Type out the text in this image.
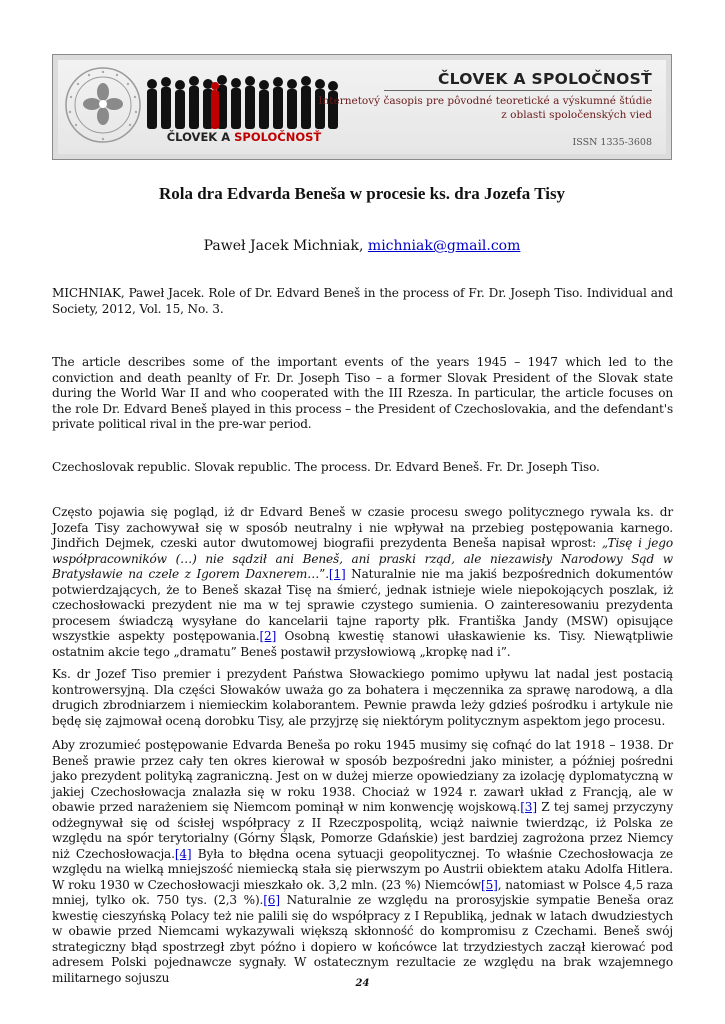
ČLOVEK A SPOLOČNOSŤ
ČLOVEK A SPOLOČNOSŤ
Internetový časopis pre pôvodné teoretické a výskumné štúdie
z oblasti spoločenských vied
ISSN 1335-3608
Rola dra Edvarda Beneša w procesie ks. dra Jozefa Tisy

Paweł Jacek Michniak, michniak@gmail.com

MICHNIAK, Paweł Jacek. Role of Dr. Edvard Beneš in the process of Fr. Dr. Joseph Tiso. Individual and Society, 2012, Vol. 15, No. 3.

The article describes some of the important events of the years 1945 – 1947 which led to the conviction and death peanlty of Fr. Dr. Joseph Tiso – a former Slovak President of the Slovak state during the World War II and who cooperated with the III Rzesza. In particular, the article focuses on the role Dr. Edvard Beneš played in this process – the President of Czechoslovakia, and the defendant's private political rival in the pre-war period.

Czechoslovak republic. Slovak republic. The process. Dr. Edvard Beneš. Fr. Dr. Joseph Tiso.

Często pojawia się pogląd, iż dr Edvard Beneš w czasie procesu swego politycznego rywala ks. dr Jozefa Tisy zachowywał się w sposób neutralny i nie wpływał na przebieg postępowania karnego. Jindřich Dejmek, czeski autor dwutomowej biografii prezydenta Beneša napisał wprost: „Tisę i jego współpracowników (…) nie sądził ani Beneš, ani praski rząd, ale niezawisły Narodowy Sąd w Bratysławie na czele z Igorem Daxnerem…”.[1] Naturalnie nie ma jakiś bezpośrednich dokumentów potwierdzających, że to Beneš skazał Tisę na śmierć, jednak istnieje wiele niepokojących poszlak, iż czechosłowacki prezydent nie ma w tej sprawie czystego sumienia. O zainteresowaniu prezydenta procesem świadczą wysyłane do kancelarii tajne raporty płk. Františka Jandy (MSW) opisujące wszystkie aspekty postępowania.[2] Osobną kwestię stanowi ułaskawienie ks. Tisy. Niewątpliwie ostatnim akcie tego „dramatu” Beneš postawił przysłowiową „kropkę nad i”.

Ks. dr Jozef Tiso premier i prezydent Państwa Słowackiego pomimo upływu lat nadal jest postacią kontrowersyjną. Dla części Słowaków uważa go za bohatera i męczennika za sprawę narodową, a dla drugich zbrodniarzem i niemieckim kolaborantem. Pewnie prawda leży gdzieś pośrodku i artykule nie będę się zajmował oceną dorobku Tisy, ale przyjrzę się niektórym politycznym aspektom jego procesu.

Aby zrozumieć postępowanie Edvarda Beneša po roku 1945 musimy się cofnąć do lat 1918 – 1938. Dr Beneš prawie przez cały ten okres kierował w sposób bezpośredni jako minister, a później pośredni jako prezydent polityką zagraniczną. Jest on w dużej mierze opowiedziany za izolację dyplomatyczną w jakiej Czechosłowacja znalazła się w roku 1938. Chociaż w 1924 r. zawarł układ z Francją, ale w obawie przed narażeniem się Niemcom pominął w nim konwencję wojskową.[3] Z tej samej przyczyny odżegnywał się od ścisłej współpracy z II Rzeczpospolitą, wciąż naiwnie twierdząc, iż Polska ze względu na spór terytorialny (Górny Śląsk, Pomorze Gdańskie) jest bardziej zagrożona przez Niemcy niż Czechosłowacja.[4] Była to błędna ocena sytuacji geopolitycznej. To właśnie Czechosłowacja ze względu na wielką mniejszość niemiecką stała się pierwszym po Austrii obiektem ataku Adolfa Hitlera. W roku 1930 w Czechosłowacji mieszkało ok. 3,2 mln. (23 %) Niemców[5], natomiast w Polsce 4,5 raza mniej, tylko ok. 750 tys. (2,3 %).[6] Naturalnie ze względu na prorosyjskie sympatie Beneša oraz kwestię cieszyńską Polacy też nie palili się do współpracy z I Republiką, jednak w latach dwudziestych w obawie przed Niemcami wykazywali większą skłonność do kompromisu z Czechami. Beneš swój strategiczny błąd spostrzegł zbyt późno i dopiero w końcówce lat trzydziestych zaczął kierować pod adresem Polski pojednawcze sygnały. W ostatecznym rezultacie ze względu na brak wzajemnego militarnego sojuszu	24
